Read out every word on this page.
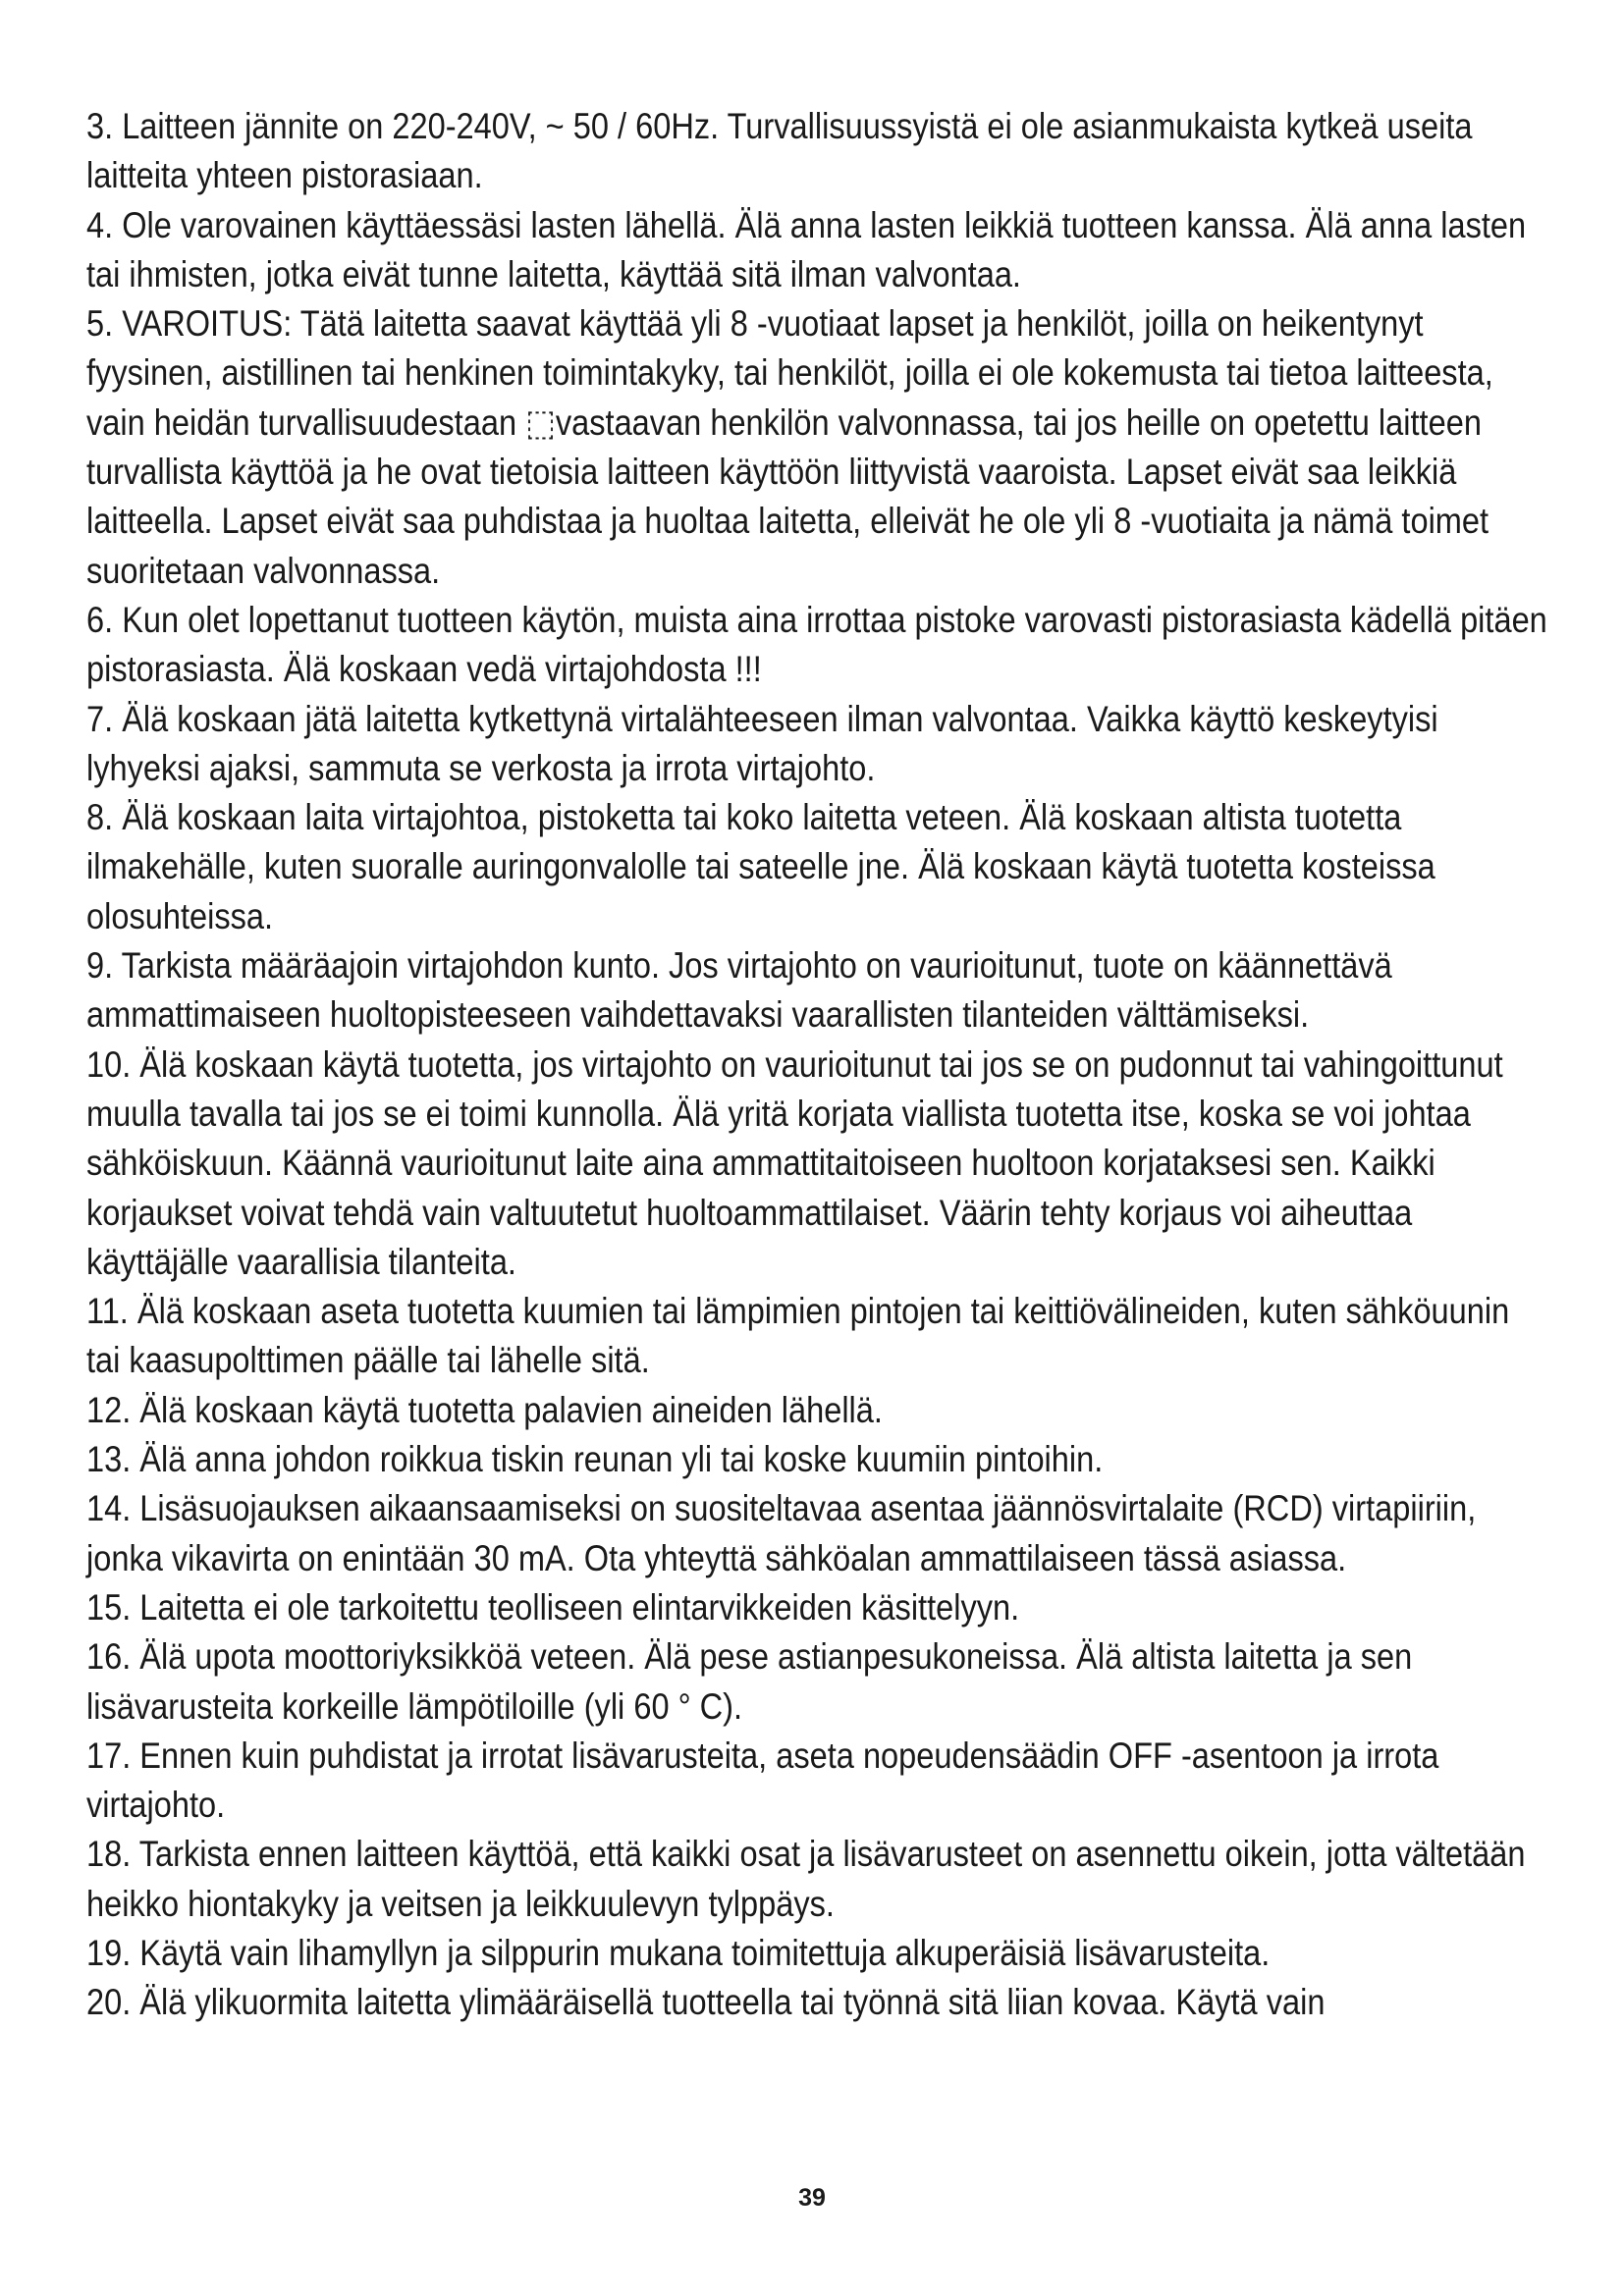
3. Laitteen jännite on 220-240V, ~ 50 / 60Hz. Turvallisuussyistä ei ole asianmukaista kytkeä useita laitteita yhteen pistorasiaan.

4. Ole varovainen käyttäessäsi lasten lähellä. Älä anna lasten leikkiä tuotteen kanssa. Älä anna lasten tai ihmisten, jotka eivät tunne laitetta, käyttää sitä ilman valvontaa.

5. VAROITUS: Tätä laitetta saavat käyttää yli 8 -vuotiaat lapset ja henkilöt, joilla on heikentynyt fyysinen, aistillinen tai henkinen toimintakyky, tai henkilöt, joilla ei ole kokemusta tai tietoa laitteesta, vain heidän turvallisuudestaan ⬚vastaavan henkilön valvonnassa, tai jos heille on opetettu laitteen turvallista käyttöä ja he ovat tietoisia laitteen käyttöön liittyvistä vaaroista. Lapset eivät saa leikkiä laitteella. Lapset eivät saa puhdistaa ja huoltaa laitetta, elleivät he ole yli 8 -vuotiaita ja nämä toimet suoritetaan valvonnassa.

6. Kun olet lopettanut tuotteen käytön, muista aina irrottaa pistoke varovasti pistorasiasta kädellä pitäen pistorasiasta. Älä koskaan vedä virtajohdosta !!!

7. Älä koskaan jätä laitetta kytkettynä virtalähteeseen ilman valvontaa. Vaikka käyttö keskeytyisi lyhyeksi ajaksi, sammuta se verkosta ja irrota virtajohto.

8. Älä koskaan laita virtajohtoa, pistoketta tai koko laitetta veteen. Älä koskaan altista tuotetta ilmakehälle, kuten suoralle auringonvalolle tai sateelle jne. Älä koskaan käytä tuotetta kosteissa olosuhteissa.

9. Tarkista määräajoin virtajohdon kunto. Jos virtajohto on vaurioitunut, tuote on käännettävä ammattimaiseen huoltopisteeseen vaihdettavaksi vaarallisten tilanteiden välttämiseksi.

10. Älä koskaan käytä tuotetta, jos virtajohto on vaurioitunut tai jos se on pudonnut tai vahingoittunut muulla tavalla tai jos se ei toimi kunnolla. Älä yritä korjata viallista tuotetta itse, koska se voi johtaa sähköiskuun. Käännä vaurioitunut laite aina ammattitaitoiseen huoltoon korjataksesi sen. Kaikki korjaukset voivat tehdä vain valtuutetut huoltoammattilaiset. Väärin tehty korjaus voi aiheuttaa käyttäjälle vaarallisia tilanteita.

11. Älä koskaan aseta tuotetta kuumien tai lämpimien pintojen tai keittiövälineiden, kuten sähköuunin tai kaasupolttimen päälle tai lähelle sitä.

12. Älä koskaan käytä tuotetta palavien aineiden lähellä.

13. Älä anna johdon roikkua tiskin reunan yli tai koske kuumiin pintoihin.

14. Lisäsuojauksen aikaansaamiseksi on suositeltavaa asentaa jäännösvirtalaite (RCD) virtapiiriin, jonka vikavirta on enintään 30 mA. Ota yhteyttä sähköalan ammattilaiseen tässä asiassa.

15. Laitetta ei ole tarkoitettu teolliseen elintarvikkeiden käsittelyyn.

16. Älä upota moottoriyksikköä veteen. Älä pese astianpesukoneissa. Älä altista laitetta ja sen lisävarusteita korkeille lämpötiloille (yli 60 ° C).

17. Ennen kuin puhdistat ja irrotat lisävarusteita, aseta nopeudensäädin OFF -asentoon ja irrota virtajohto.

18. Tarkista ennen laitteen käyttöä, että kaikki osat ja lisävarusteet on asennettu oikein, jotta vältetään heikko hiontakyky ja veitsen ja leikkuulevyn tylppäys.

19. Käytä vain lihamyllyn ja silppurin mukana toimitettuja alkuperäisiä lisävarusteita.

20. Älä ylikuormita laitetta ylimääräisellä tuotteella tai työnnä sitä liian kovaa. Käytä vain

39
